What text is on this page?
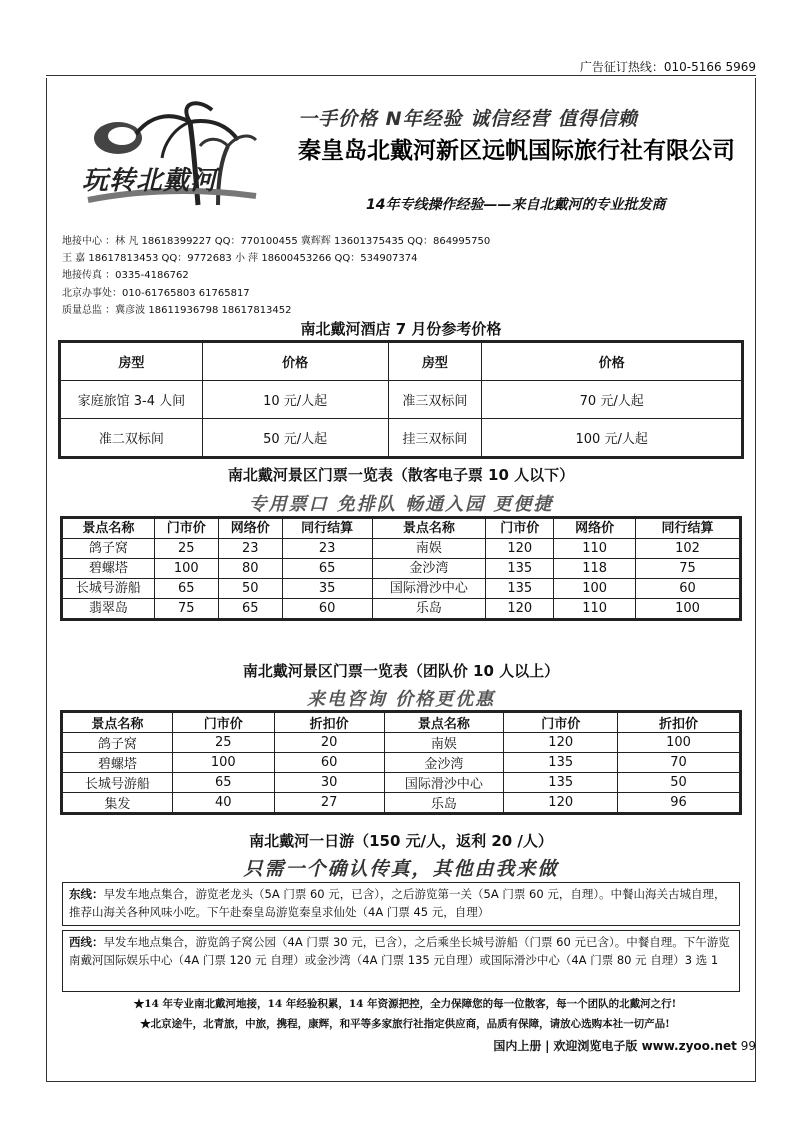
广告征订热线：010-5166 5969
玩转北戴河
一手价格 N年经验 诚信经营 值得信赖
秦皇岛北戴河新区远帆国际旅行社有限公司
14年专线操作经验——来自北戴河的专业批发商
地接中心 ：林 凡 18618399227 QQ：770100455 冀辉辉 13601375435 QQ：864995750
王 嘉 18617813453 QQ：9772683 小 萍 18600453266 QQ：534907374
地接传真 ：0335-4186762
北京办事处：010-61765803 61765817
质量总监 ：冀彦波 18611936798 18617813452
南北戴河酒店 7 月份参考价格
房型	价格	房型	价格
家庭旅馆 3-4 人间	10 元/人起	准三双标间	70 元/人起
准二双标间	50 元/人起	挂三双标间	100 元/人起
南北戴河景区门票一览表（散客电子票 10 人以下）
专用票口 免排队 畅通入园 更便捷
景点名称	门市价	网络价	同行结算	景点名称	门市价	网络价	同行结算
鸽子窝	25	23	23	南娱	120	110	102
碧螺塔	100	80	65	金沙湾	135	118	75
长城号游船	65	50	35	国际滑沙中心	135	100	60
翡翠岛	75	65	60	乐岛	120	110	100
南北戴河景区门票一览表（团队价 10 人以上）
来电咨询 价格更优惠
景点名称	门市价	折扣价	景点名称	门市价	折扣价
鸽子窝	25	20	南娱	120	100
碧螺塔	100	60	金沙湾	135	70
长城号游船	65	30	国际滑沙中心	135	50
集发	40	27	乐岛	120	96
南北戴河一日游（150 元/人，返利 20 /人）
只需一个确认传真，其他由我来做
东线：早发车地点集合，游览老龙头（5A 门票 60 元，已含），之后游览第一关（5A 门票 60 元，自理）。中餐山海关古城自理，推荐山海关各种风味小吃。下午赴秦皇岛游览秦皇求仙处（4A 门票 45 元，自理）
西线：早发车地点集合，游览鸽子窝公园（4A 门票 30 元，已含），之后乘坐长城号游船（门票 60 元已含）。中餐自理。下午游览南戴河国际娱乐中心（4A 门票 120 元 自理）或金沙湾（4A 门票 135 元自理）或国际滑沙中心（4A 门票 80 元 自理）3 选 1
★14 年专业南北戴河地接，14 年经验积累，14 年资源把控，全力保障您的每一位散客，每一个团队的北戴河之行!
★北京途牛，北青旅，中旅，携程，康辉，和平等多家旅行社指定供应商，品质有保障，请放心选购本社一切产品!
国内上册 | 欢迎浏览电子版 www.zyoo.net 99
